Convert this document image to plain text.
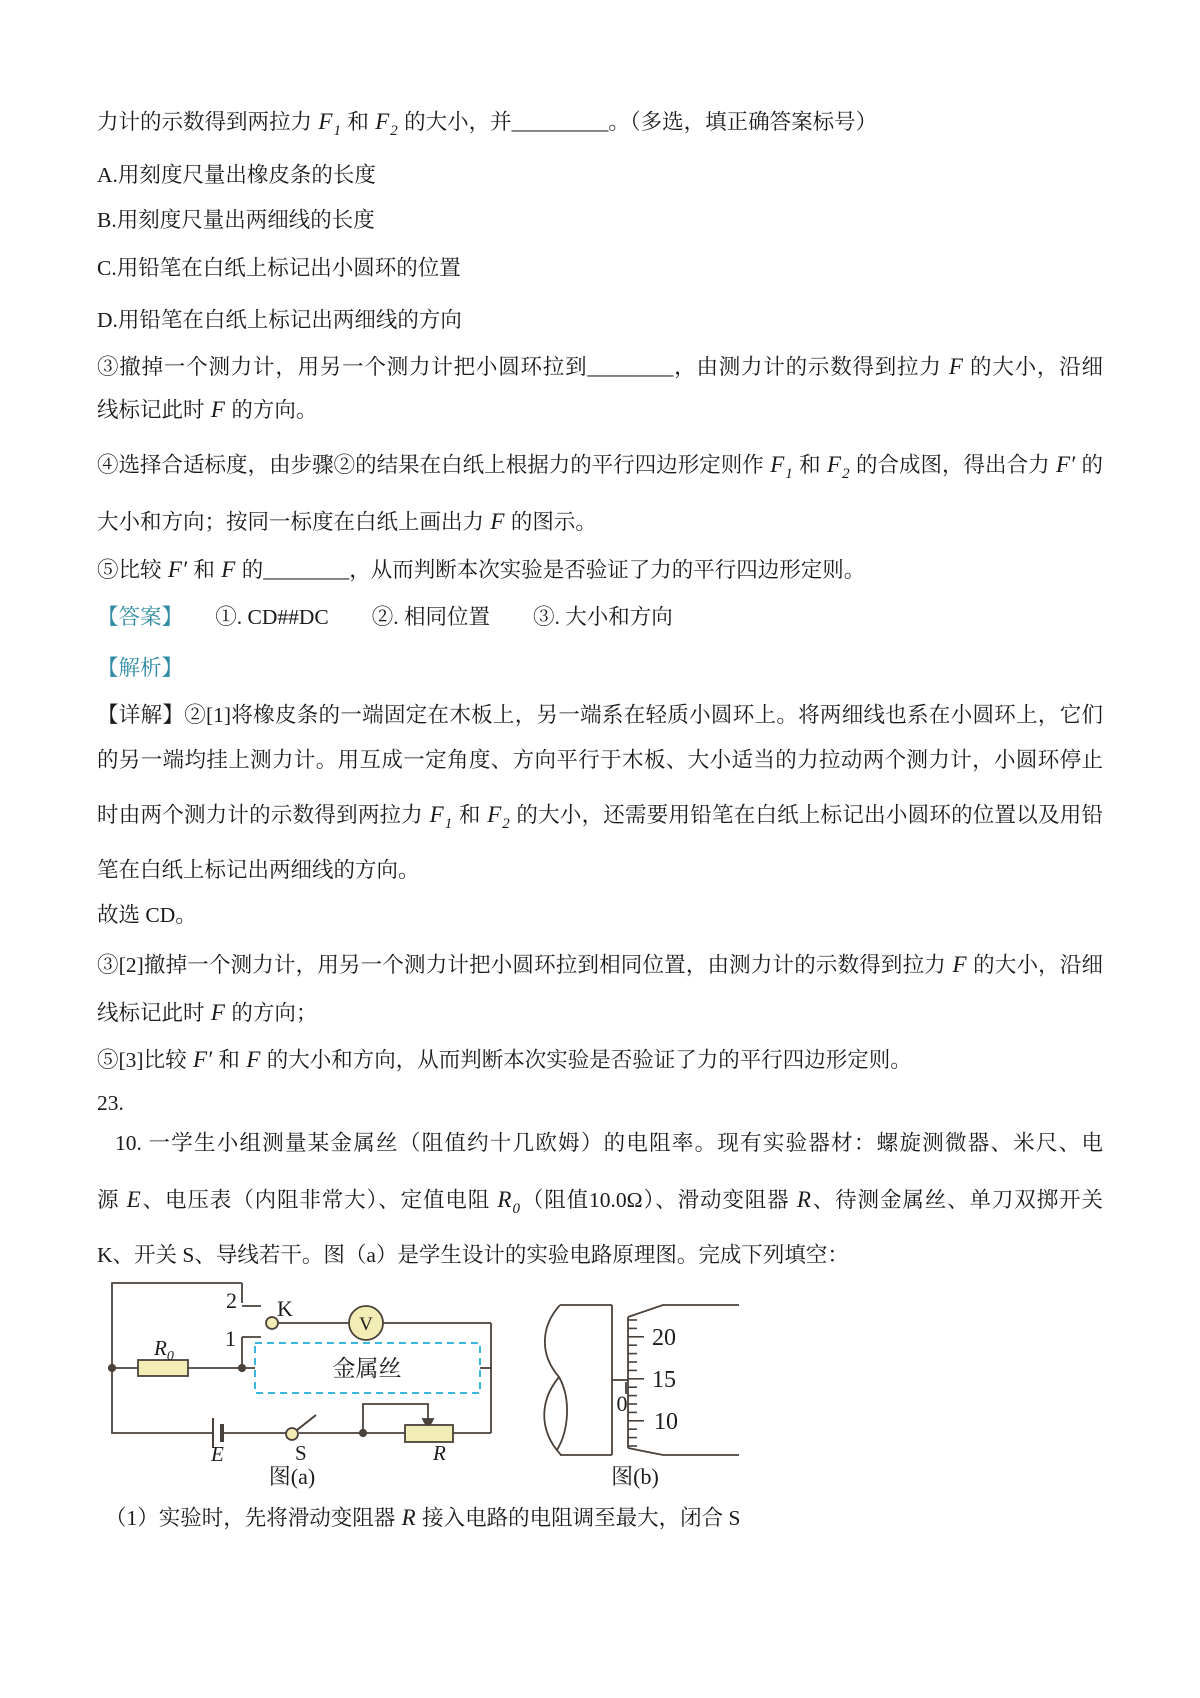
力计的示数得到两拉力 $F_1$ 和 $F_2$ 的大小，并_________。（多选，填正确答案标号）

A.用刻度尺量出橡皮条的长度

B.用刻度尺量出两细线的长度

C.用铅笔在白纸上标记出小圆环的位置

D.用铅笔在白纸上标记出两细线的方向

③撤掉一个测力计，用另一个测力计把小圆环拉到________，由测力计的示数得到拉力 F 的大小，沿细

线标记此时 F 的方向。

④选择合适标度，由步骤②的结果在白纸上根据力的平行四边形定则作 $F_1$ 和 $F_2$ 的合成图，得出合力 F′ 的

大小和方向；按同一标度在白纸上画出力 F 的图示。

⑤比较 F′ 和 F 的________，从而判断本次实验是否验证了力的平行四边形定则。

【答案】　　①. CD##DC　　②. 相同位置　　③. 大小和方向

【解析】

【详解】②[1]将橡皮条的一端固定在木板上，另一端系在轻质小圆环上。将两细线也系在小圆环上，它们

的另一端均挂上测力计。用互成一定角度、方向平行于木板、大小适当的力拉动两个测力计，小圆环停止

时由两个测力计的示数得到两拉力 $F_1$ 和 $F_2$ 的大小，还需要用铅笔在白纸上标记出小圆环的位置以及用铅

笔在白纸上标记出两细线的方向。

故选 CD。

③[2]撤掉一个测力计，用另一个测力计把小圆环拉到相同位置，由测力计的示数得到拉力 F 的大小，沿细

线标记此时 F 的方向；

⑤[3]比较 F′ 和 F 的大小和方向，从而判断本次实验是否验证了力的平行四边形定则。

23.

10. 一学生小组测量某金属丝（阻值约十几欧姆）的电阻率。现有实验器材：螺旋测微器、米尺、电

源 E、电压表（内阻非常大）、定值电阻 $R_0$（阻值10.0Ω）、滑动变阻器 R、待测金属丝、单刀双掷开关

K、开关 S、导线若干。图（a）是学生设计的实验电路原理图。完成下列填空：

（1）实验时，先将滑动变阻器 R 接入电路的电阻调至最大，闭合 S

2
1
K
$R_0$
V
金属丝
E	S	R
图(a)
0
20
15
10
图(b)
